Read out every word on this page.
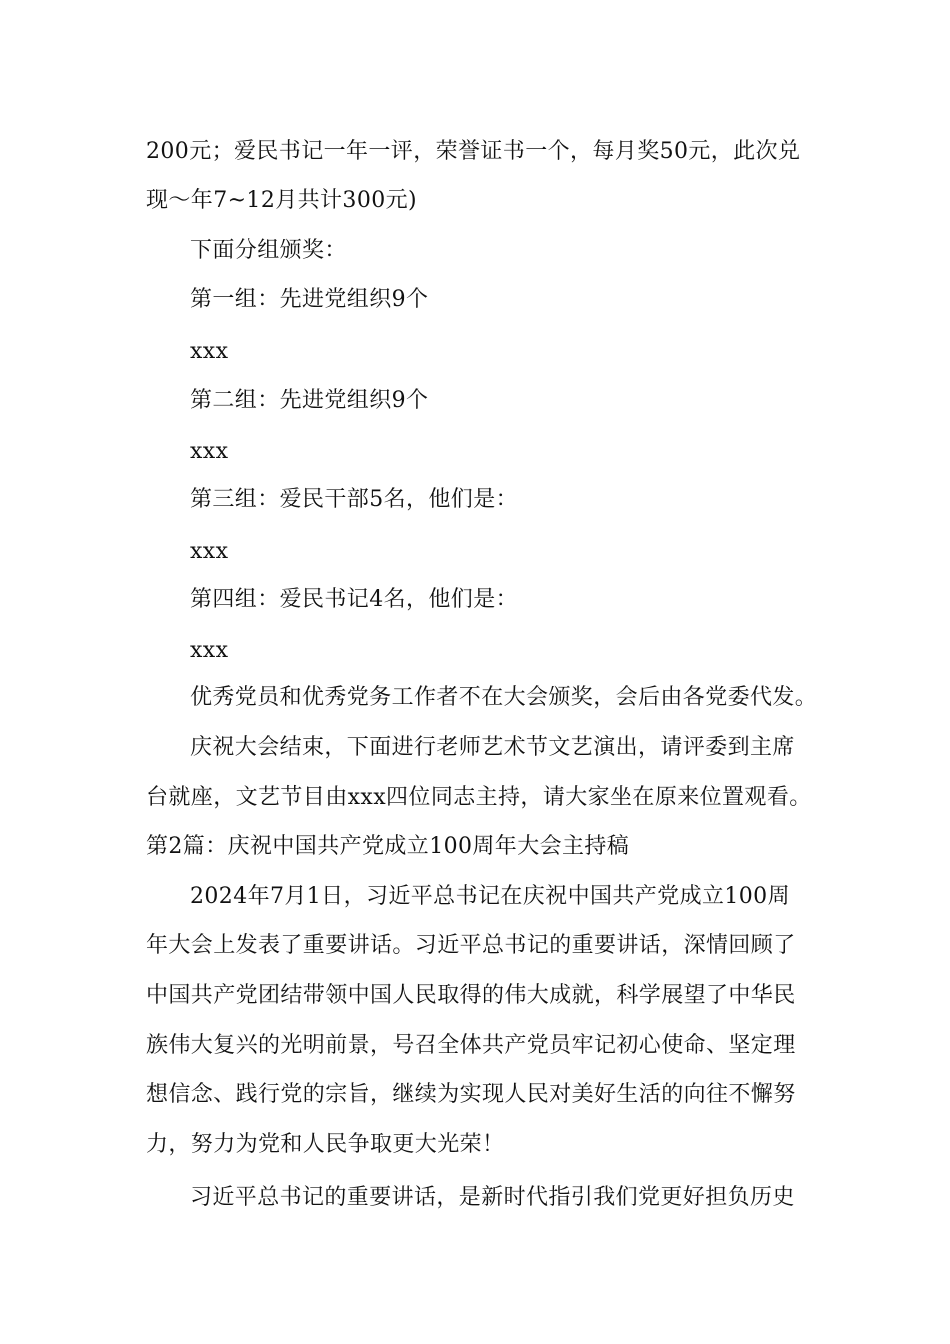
200元；爱民书记一年一评，荣誉证书一个，每月奖50元，此次兑
现～年7~12月共计300元)
下面分组颁奖：
第一组：先进党组织9个
xxx
第二组：先进党组织9个
xxx
第三组：爱民干部5名，他们是：
xxx
第四组：爱民书记4名，他们是：
xxx
优秀党员和优秀党务工作者不在大会颁奖，会后由各党委代发。
庆祝大会结束，下面进行老师艺术节文艺演出，请评委到主席
台就座，文艺节目由xxx四位同志主持，请大家坐在原来位置观看。
第2篇：庆祝中国共产党成立100周年大会主持稿
2024年7月1日，习近平总书记在庆祝中国共产党成立100周
年大会上发表了重要讲话。习近平总书记的重要讲话，深情回顾了
中国共产党团结带领中国人民取得的伟大成就，科学展望了中华民
族伟大复兴的光明前景，号召全体共产党员牢记初心使命、坚定理
想信念、践行党的宗旨，继续为实现人民对美好生活的向往不懈努
力，努力为党和人民争取更大光荣！
习近平总书记的重要讲话，是新时代指引我们党更好担负历史
